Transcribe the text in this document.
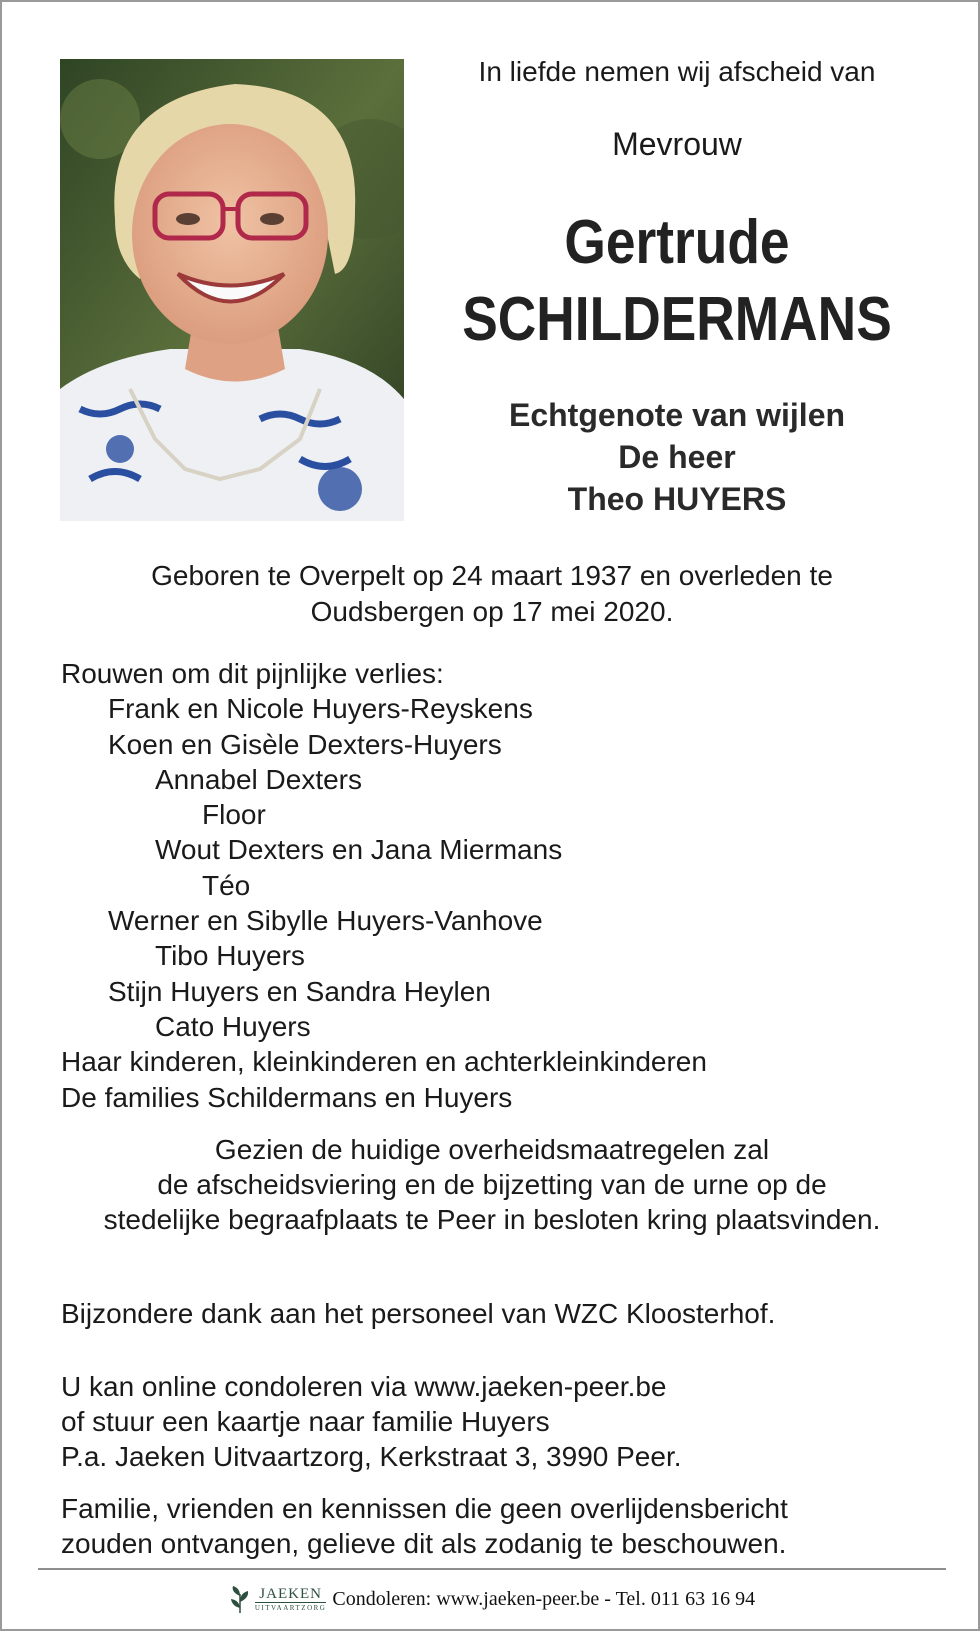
In liefde nemen wij afscheid van
Mevrouw
Gertrude
SCHILDERMANS
Echtgenote van wijlen
De heer
Theo HUYERS
Geboren te Overpelt op 24 maart 1937 en overleden te
Oudsbergen op 17 mei 2020.
Rouwen om dit pijnlijke verlies:
Frank en Nicole Huyers-Reyskens
Koen en Gisèle Dexters-Huyers
Annabel Dexters
Floor
Wout Dexters en Jana Miermans
Téo
Werner en Sibylle Huyers-Vanhove
Tibo Huyers
Stijn Huyers en Sandra Heylen
Cato Huyers
Haar kinderen, kleinkinderen en achterkleinkinderen
De families Schildermans en Huyers
Gezien de huidige overheidsmaatregelen zal
de afscheidsviering en de bijzetting van de urne op de
stedelijke begraafplaats te Peer in besloten kring plaatsvinden.
Bijzondere dank aan het personeel van WZC Kloosterhof.
U kan online condoleren via www.jaeken-peer.be
of stuur een kaartje naar familie Huyers
P.a. Jaeken Uitvaartzorg, Kerkstraat 3, 3990 Peer.
Familie, vrienden en kennissen die geen overlijdensbericht
zouden ontvangen, gelieve dit als zodanig te beschouwen.
JAEKEN
UITVAARTZORG Condoleren: www.jaeken-peer.be - Tel. 011 63 16 94
